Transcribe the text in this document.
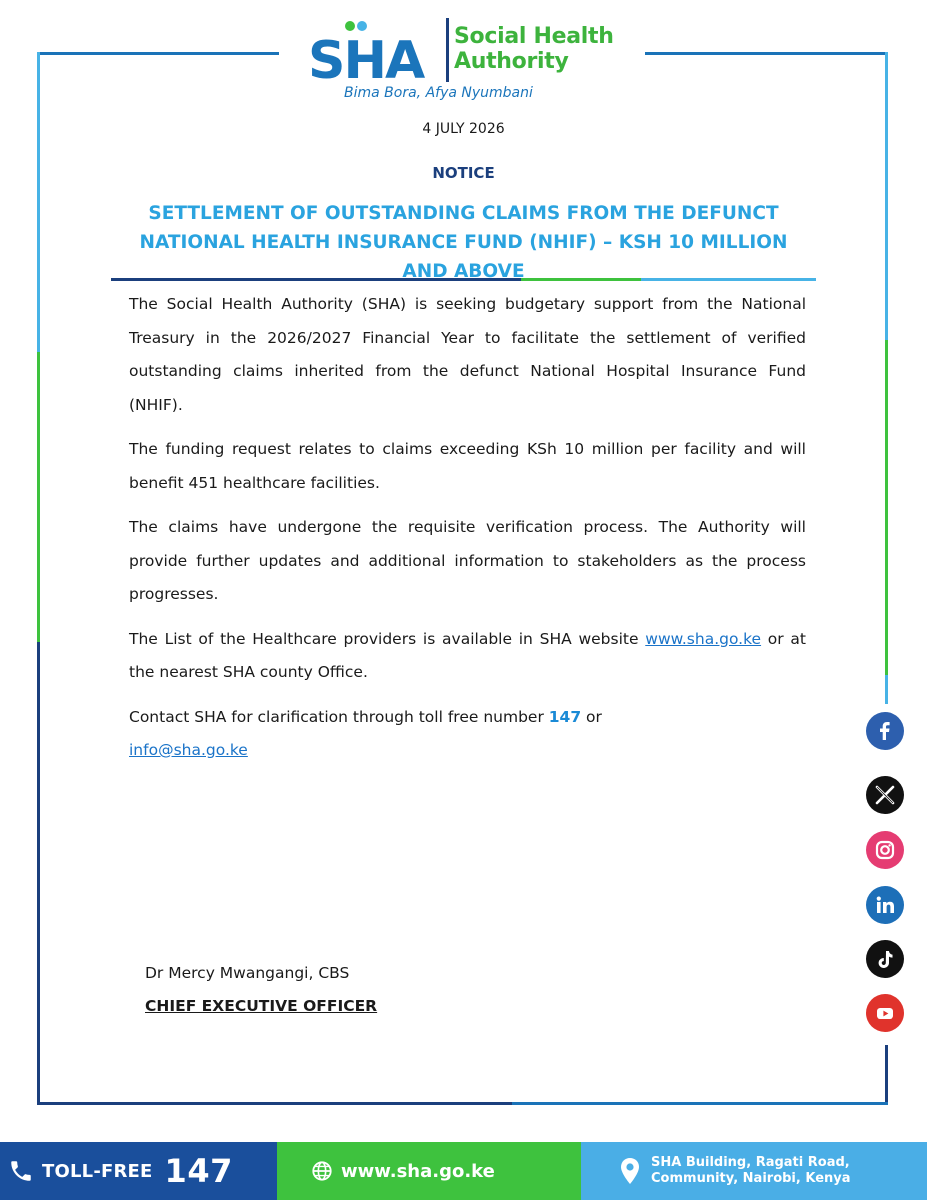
SHA Social Health
Authority
Bima Bora, Afya Nyumbani
4 JULY 2026
NOTICE
SETTLEMENT OF OUTSTANDING CLAIMS FROM THE DEFUNCT
NATIONAL HEALTH INSURANCE FUND (NHIF) – KSH 10 MILLION
AND ABOVE

The Social Health Authority (SHA) is seeking budgetary support from the National Treasury in the 2026/2027 Financial Year to facilitate the settlement of verified outstanding claims inherited from the defunct National Hospital Insurance Fund (NHIF).

The funding request relates to claims exceeding KSh 10 million per facility and will benefit 451 healthcare facilities.

The claims have undergone the requisite verification process. The Authority will provide further updates and additional information to stakeholders as the process progresses.

The List of the Healthcare providers is available in SHA website www.sha.go.ke or at the nearest SHA county Office.

Contact SHA for clarification through toll free number 147 or
info@sha.go.ke

Dr Mercy Mwangangi, CBS
CHIEF EXECUTIVE OFFICER
TOLL-FREE 147	www.sha.go.ke	SHA Building, Ragati Road,
Community, Nairobi, Kenya
